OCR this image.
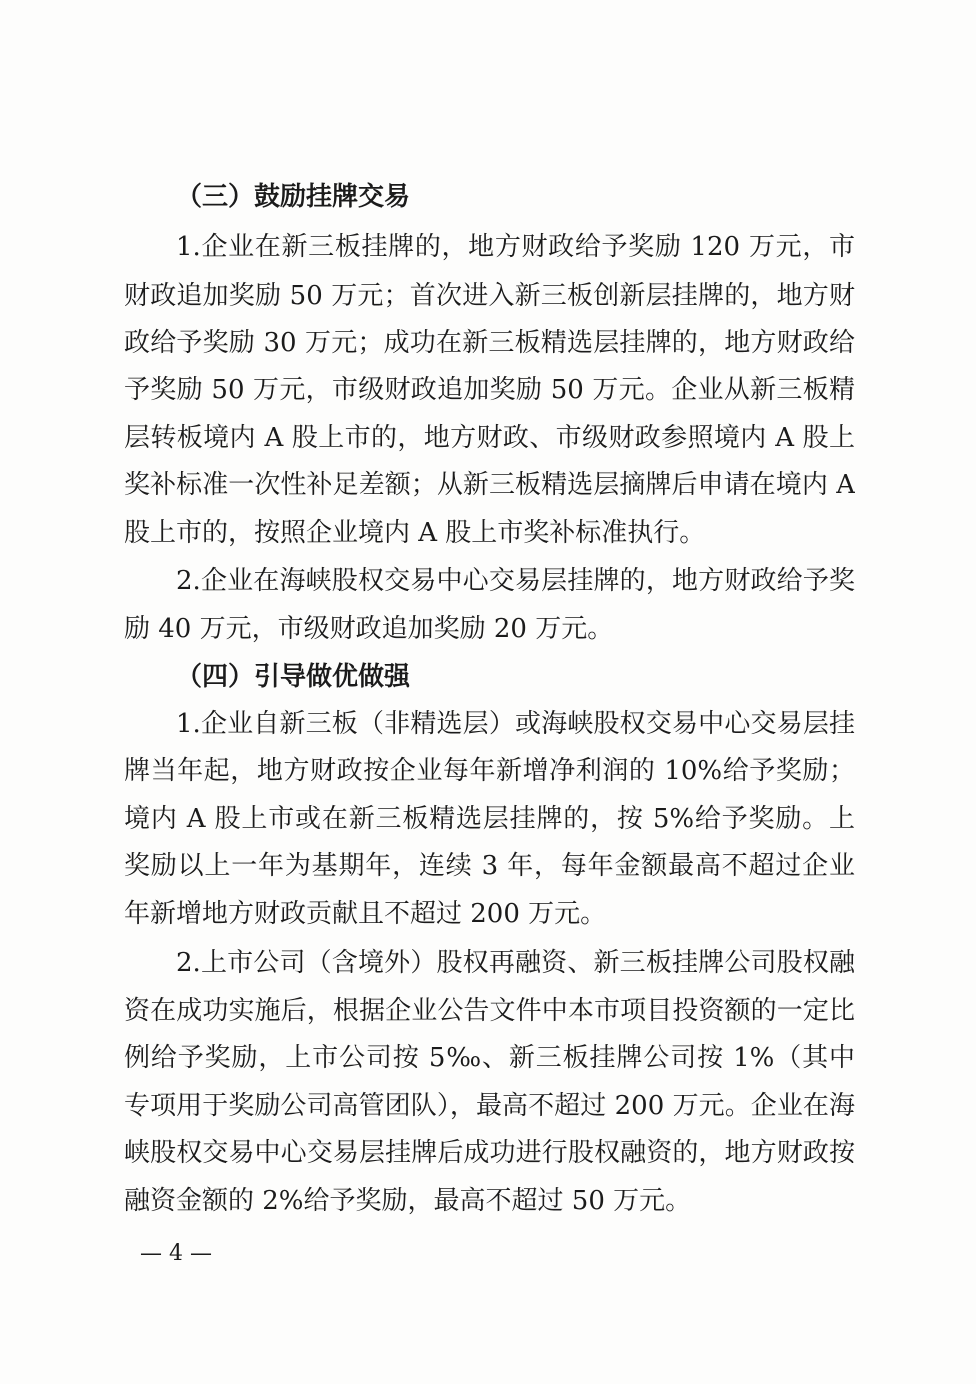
（三）鼓励挂牌交易
1.企业在新三板挂牌的，地方财政给予奖励 120 万元，市
财政追加奖励 50 万元；首次进入新三板创新层挂牌的，地方财
政给予奖励 30 万元；成功在新三板精选层挂牌的，地方财政给
予奖励 50 万元，市级财政追加奖励 50 万元。企业从新三板精
层转板境内 A 股上市的，地方财政、市级财政参照境内 A 股上
奖补标准一次性补足差额；从新三板精选层摘牌后申请在境内 A
股上市的，按照企业境内 A 股上市奖补标准执行。
2.企业在海峡股权交易中心交易层挂牌的，地方财政给予奖
励 40 万元，市级财政追加奖励 20 万元。
（四）引导做优做强
1.企业自新三板（非精选层）或海峡股权交易中心交易层挂
牌当年起，地方财政按企业每年新增净利润的 10%给予奖励；
境内 A 股上市或在新三板精选层挂牌的，按 5%给予奖励。上
奖励以上一年为基期年，连续 3 年，每年金额最高不超过企业
年新增地方财政贡献且不超过 200 万元。
2.上市公司（含境外）股权再融资、新三板挂牌公司股权融
资在成功实施后，根据企业公告文件中本市项目投资额的一定比
例给予奖励，上市公司按 5‰、新三板挂牌公司按 1%（其中
专项用于奖励公司高管团队），最高不超过 200 万元。企业在海
峡股权交易中心交易层挂牌后成功进行股权融资的，地方财政按
融资金额的 2%给予奖励，最高不超过 50 万元。
— 4 —
